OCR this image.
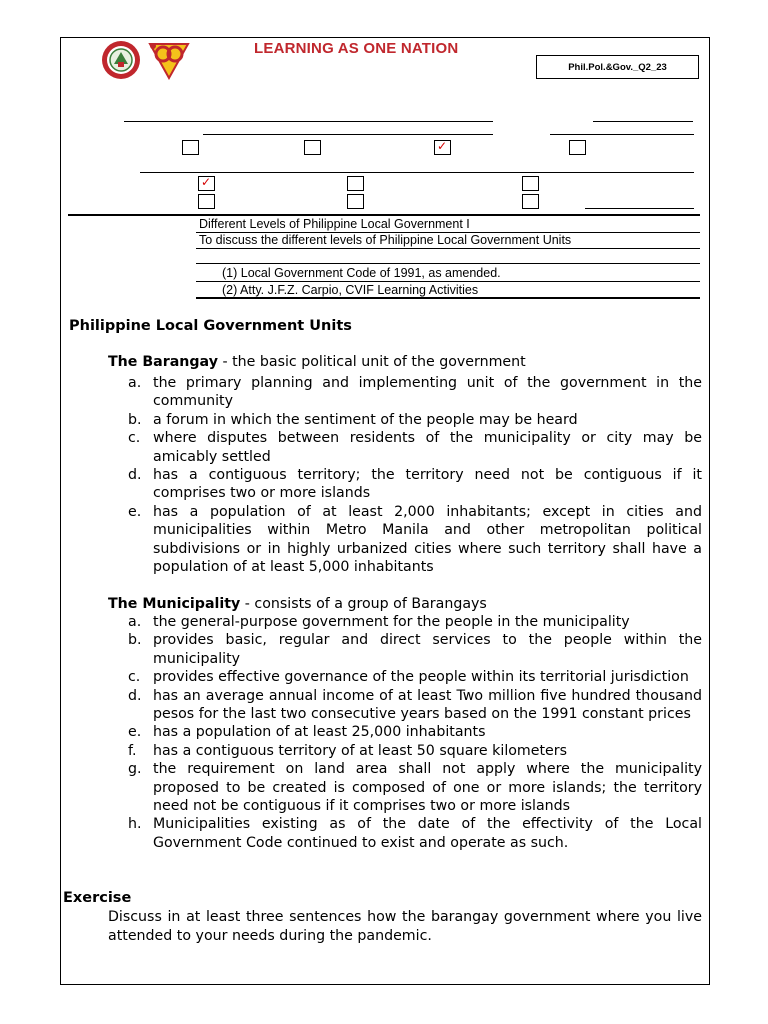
LEARNING AS ONE NATION
Phil.Pol.&Gov._Q2_23
✓
✓
Different Levels of Philippine Local Government I
To discuss the different levels of Philippine Local Government Units
(1) Local Government Code of 1991, as amended.
(2) Atty. J.F.Z. Carpio, CVIF Learning Activities
Philippine Local Government Units
The Barangay - the basic political unit of the government
a. the primary planning and implementing unit of the government in the community
b. a forum in which the sentiment of the people may be heard
c. where disputes between residents of the municipality or city may be amicably settled
d. has a contiguous territory; the territory need not be contiguous if it comprises two or more islands
e. has a population of at least 2,000 inhabitants; except in cities and municipalities within Metro Manila and other metropolitan political subdivisions or in highly urbanized cities where such territory shall have a population of at least 5,000 inhabitants
The Municipality - consists of a group of Barangays
a. the general-purpose government for the people in the municipality
b. provides basic, regular and direct services to the people within the municipality
c. provides effective governance of the people within its territorial jurisdiction
d. has an average annual income of at least Two million five hundred thousand pesos for the last two consecutive years based on the 1991 constant prices
e. has a population of at least 25,000 inhabitants
f. has a contiguous territory of at least 50 square kilometers
g. the requirement on land area shall not apply where the municipality proposed to be created is composed of one or more islands; the territory need not be contiguous if it comprises two or more islands
h. Municipalities existing as of the date of the effectivity of the Local Government Code continued to exist and operate as such.
Exercise
Discuss in at least three sentences how the barangay government where you live attended to your needs during the pandemic.
